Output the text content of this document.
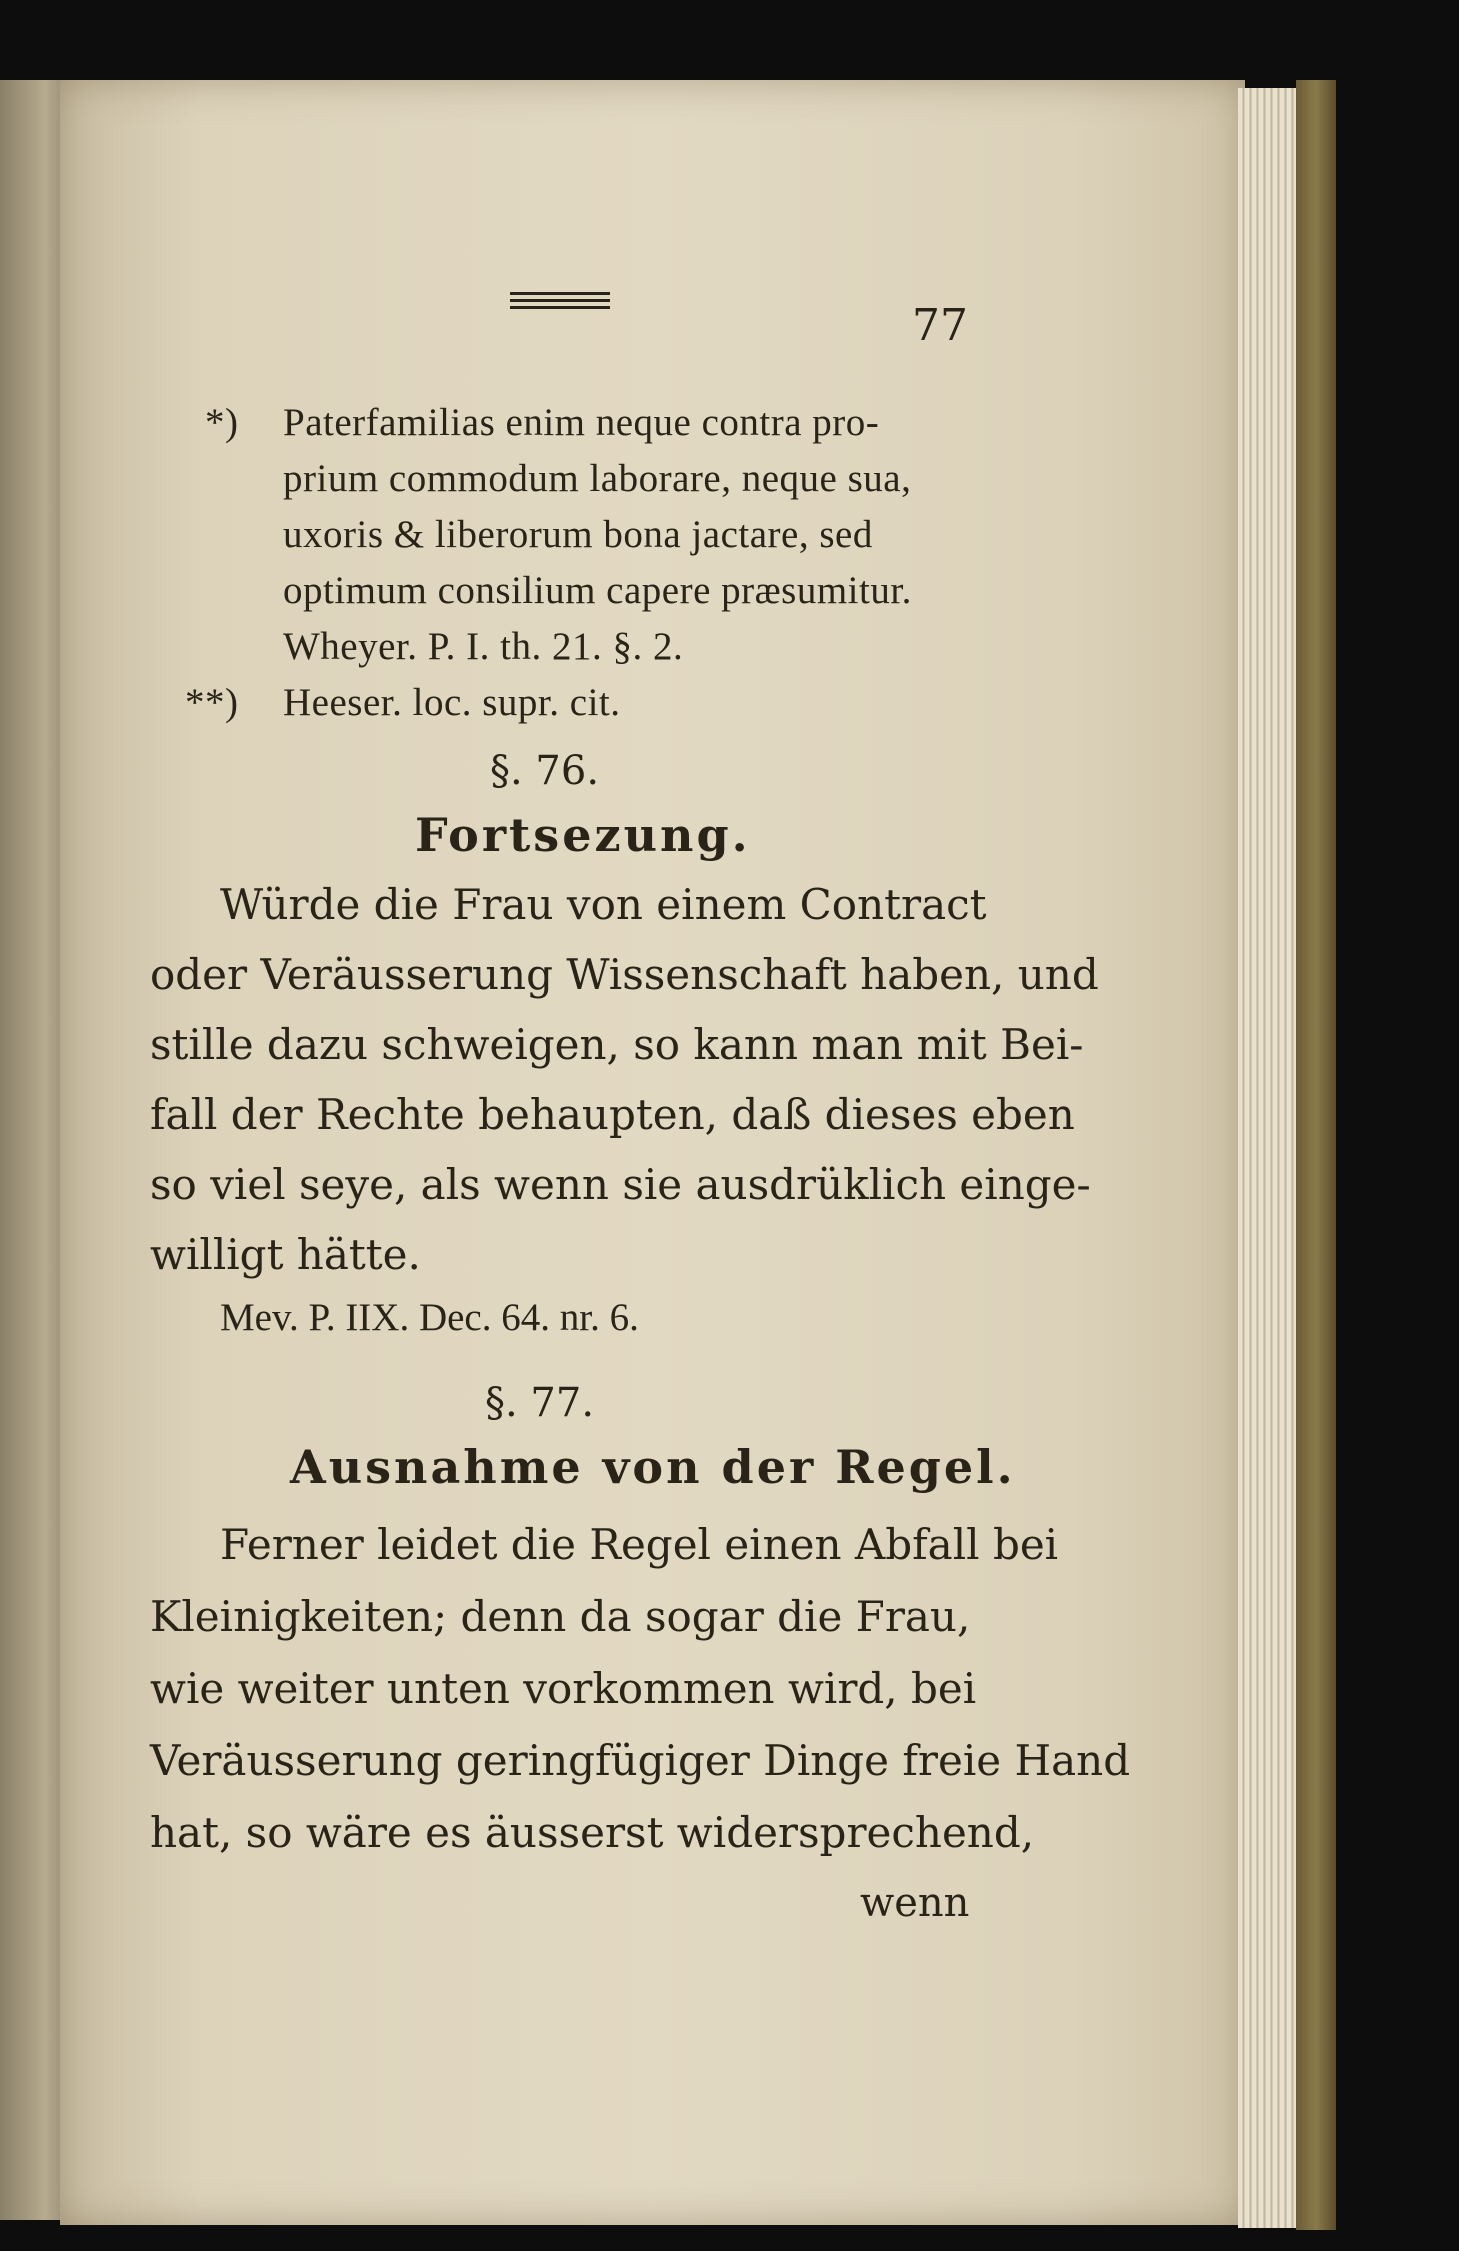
77
*) Paterfamilias enim neque contra pro-
prium commodum laborare, neque sua,
uxoris & liberorum bona jactare, sed
optimum consilium capere præsumitur.
Wheyer. P. I. th. 21. §. 2.
**) Heeser. loc. supr. cit.
§. 76.
Fortsezung.
Würde die Frau von einem Contract
oder Veräusserung Wissenschaft haben, und
stille dazu schweigen, so kann man mit Bei-
fall der Rechte behaupten, daß dieses eben
so viel seye, als wenn sie ausdrüklich einge-
willigt hätte.
Mev. P. IIX. Dec. 64. nr. 6.
§. 77.
Ausnahme von der Regel.
Ferner leidet die Regel einen Abfall bei
Kleinigkeiten; denn da sogar die Frau,
wie weiter unten vorkommen wird, bei
Veräusserung geringfügiger Dinge freie Hand
hat, so wäre es äusserst widersprechend,
wenn
